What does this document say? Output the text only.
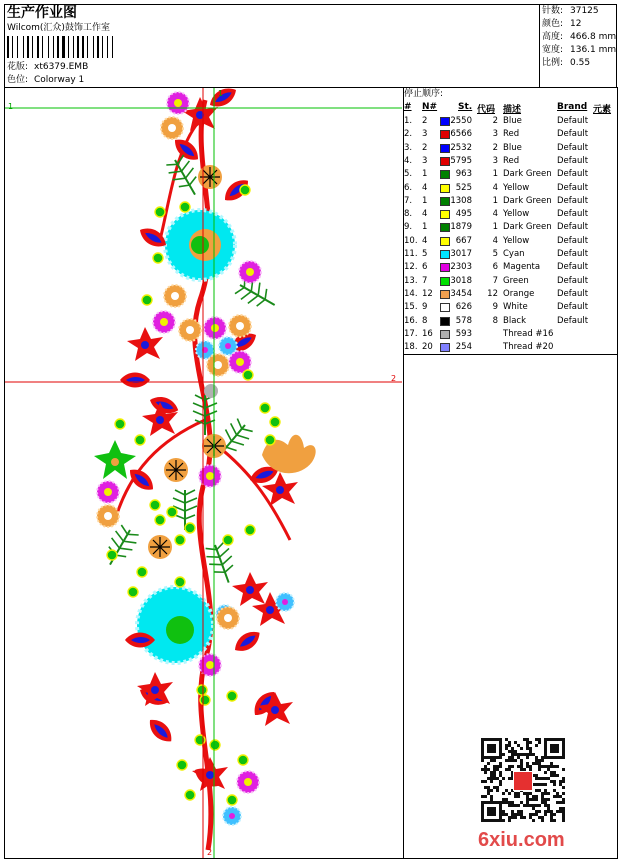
生产作业图
Wilcom(汇众)鼓饰工作室
花版: xt6379.EMB
色位: Colorway 1
针数: 37125
颜色: 12
高度: 466.8 mm
宽度: 136.1 mm
比例: 0.55
1
1
2
2
停止顺序:
# N# St. 代码 描述	Brand 元素
1. 2	2550	2 Blue	Default
2. 3	6566	3 Red	Default
3. 2	2532	2 Blue	Default
4. 3	5795	3 Red	Default
5. 1	963	1 Dark Green Default
6. 4	525	4 Yellow	Default
7. 1	1308	1 Dark Green Default
8. 4	495	4 Yellow	Default
9. 1	1879	1 Dark Green Default
10. 4	667	4 Yellow	Default
11. 5	3017	5 Cyan	Default
12. 6	2303	6 Magenta Default
13. 7	3018	7 Green	Default
14. 12 3454	12 Orange	Default
15. 9	626	9 White	Default
16. 8	578	8 Black	Default
17. 16	593	Thread #16
18. 20	254	Thread #20
6xiu.com
